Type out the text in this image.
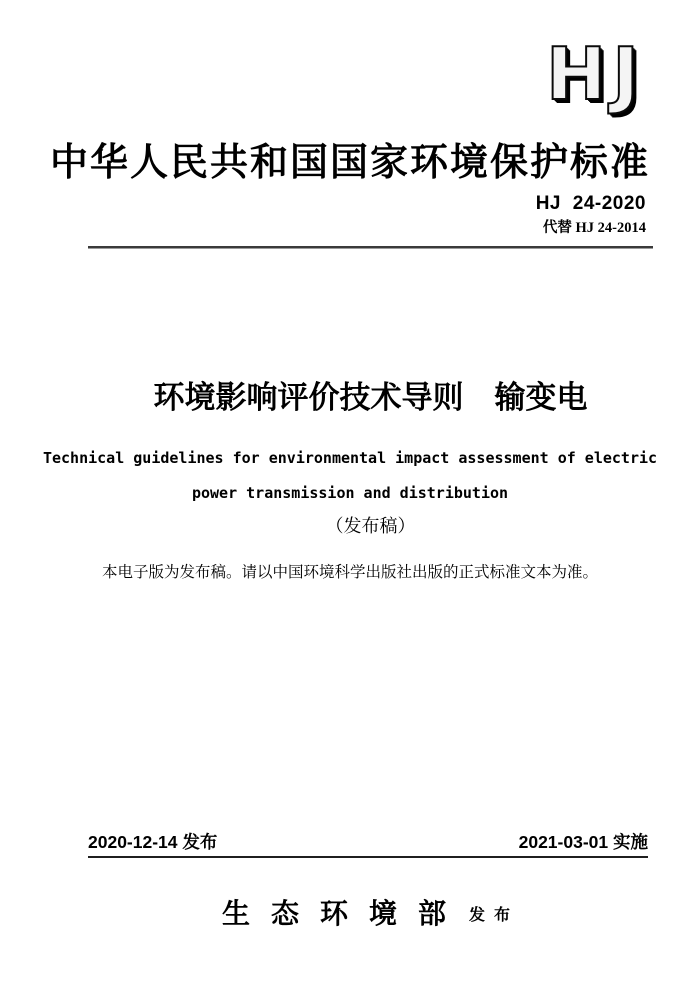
HJ
中华人民共和国国家环境保护标准
HJ 24-2020
代替 HJ 24-2014
环境影响评价技术导则　输变电
Technical guidelines for environmental impact assessment of electric
power transmission and distribution
（发布稿）
本电子版为发布稿。请以中国环境科学出版社出版的正式标准文本为准。
2020-12-14 发布	2021-03-01 实施
生态环境部 发布
